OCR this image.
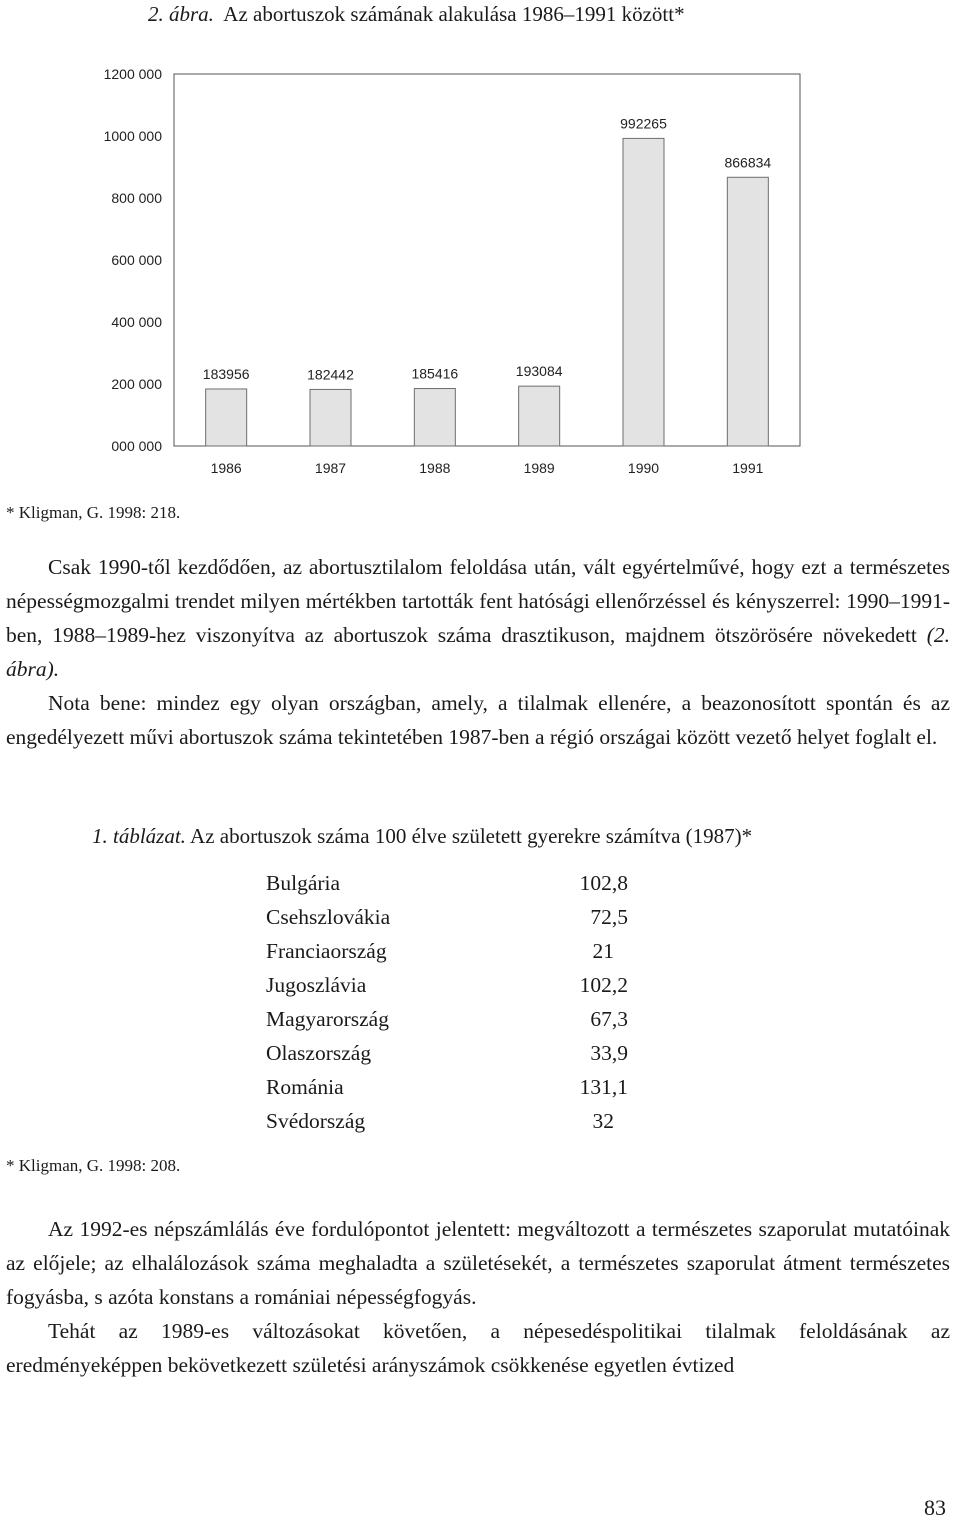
2. ábra. Az abortuszok számának alakulása 1986–1991 között*
000 000
200 000
400 000
600 000
800 000
1000 000
1200 000
183956	182442	185416	193084
992265
866834
1986	1987	1988	1989	1990	1991
* Kligman, G. 1998: 218.

Csak 1990-től kezdődően, az abortusztilalom feloldása után, vált egyértelművé, hogy ezt a természetes népességmozgalmi trendet milyen mértékben tartották fent hatósági ellenőrzéssel és kényszerrel: 1990–1991-ben, 1988–1989-hez viszonyítva az abortuszok száma drasztikuson, majdnem ötszörösére növekedett (2. ábra).

Nota bene: mindez egy olyan országban, amely, a tilalmak ellenére, a beazonosított spontán és az engedélyezett művi abortuszok száma tekintetében 1987-ben a régió országai között vezető helyet foglalt el.

1. táblázat. Az abortuszok száma 100 élve született gyerekre számítva (1987)*
Bulgária	102,8
Csehszlovákia	72,5
Franciaország	21
Jugoszlávia	102,2
Magyarország	67,3
Olaszország	33,9
Románia	131,1
Svédország	32
* Kligman, G. 1998: 208.

Az 1992-es népszámlálás éve fordulópontot jelentett: megváltozott a természetes szaporulat mutatóinak az előjele; az elhalálozások száma meghaladta a születésekét, a természetes szaporulat átment természetes fogyásba, s azóta konstans a romániai népességfogyás.

Tehát az 1989-es változásokat követően, a népesedéspolitikai tilalmak feloldásának az eredményeképpen bekövetkezett születési arányszámok csökkenése egyetlen évtized

83
